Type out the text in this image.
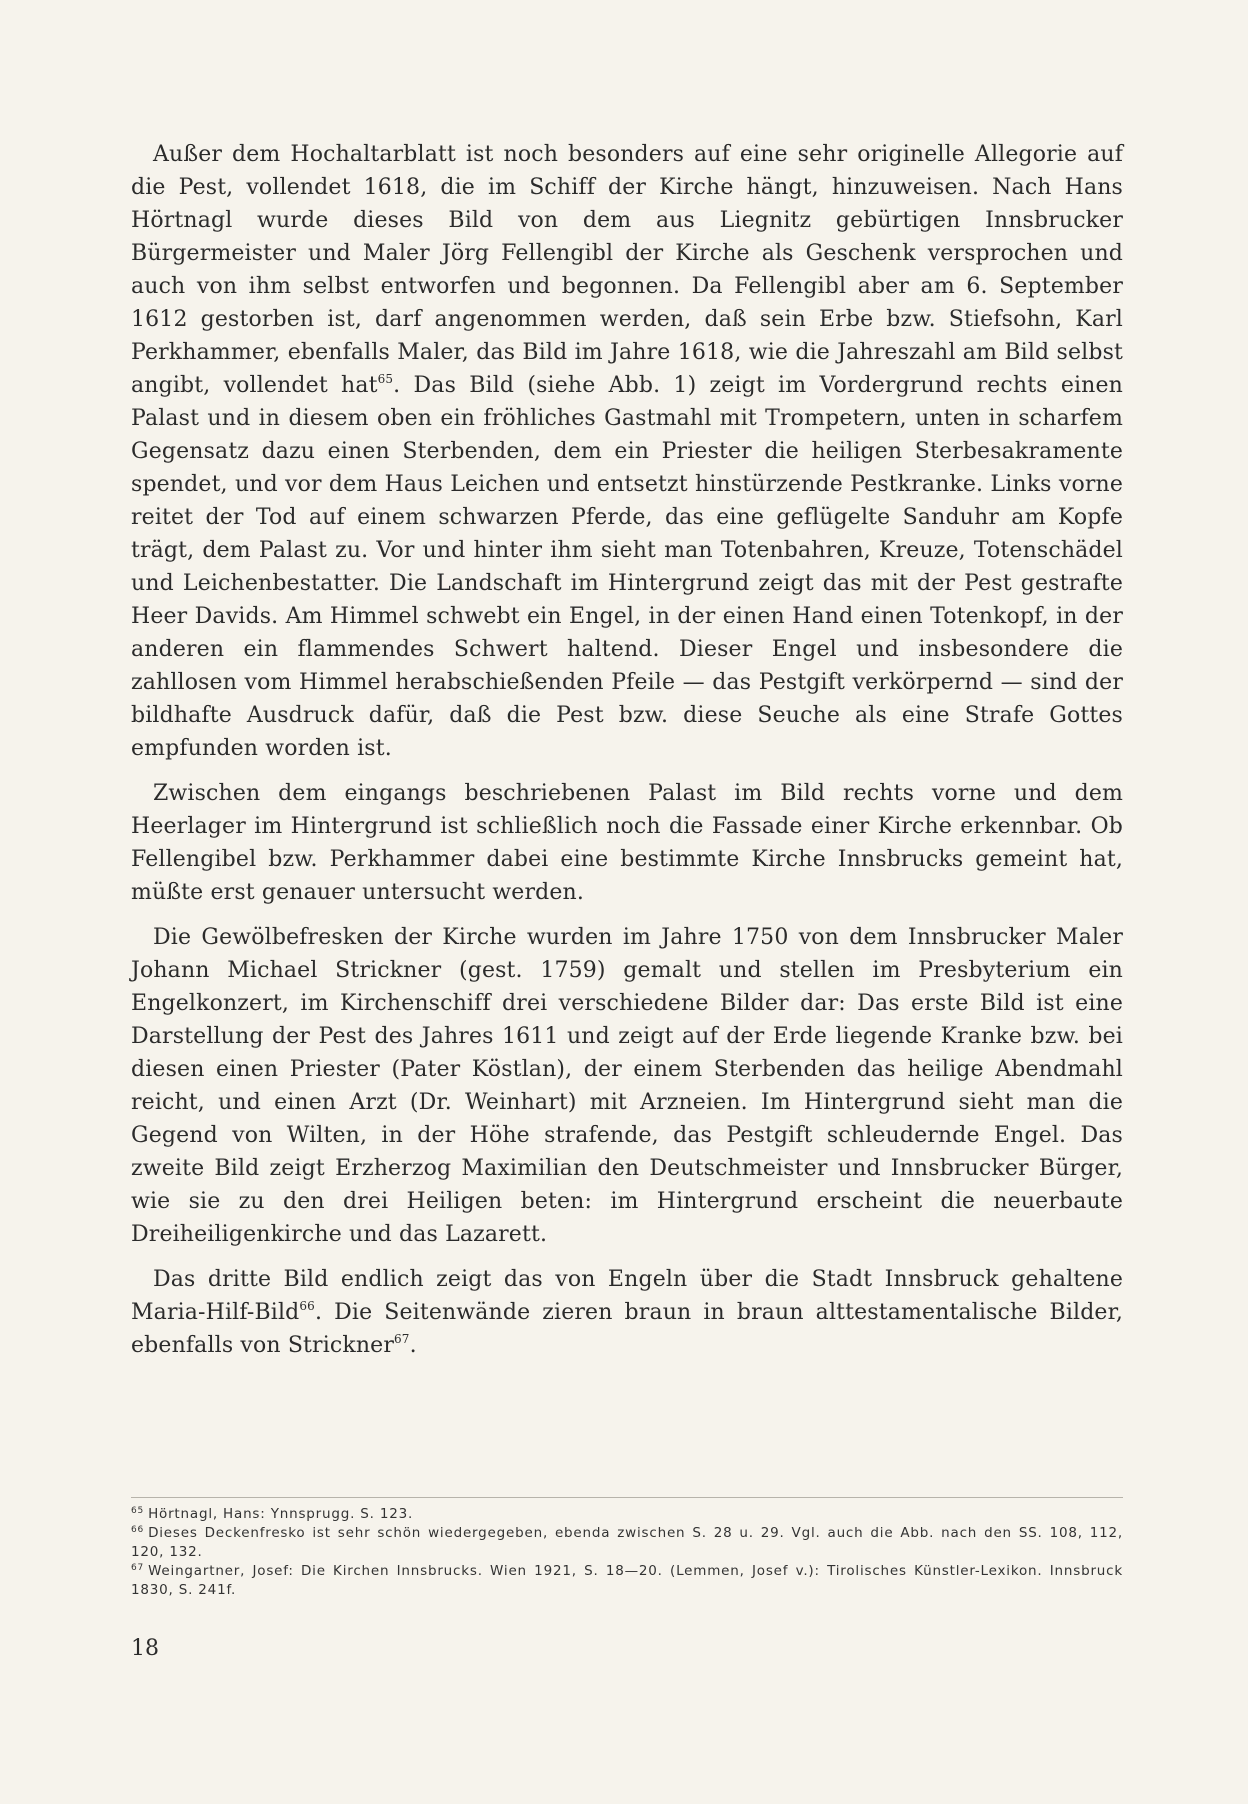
Außer dem Hochaltarblatt ist noch besonders auf eine sehr originelle Allegorie auf die Pest, vollendet 1618, die im Schiff der Kirche hängt, hinzuweisen. Nach Hans Hörtnagl wurde dieses Bild von dem aus Liegnitz gebürtigen Innsbrucker Bürgermeister und Maler Jörg Fellengibl der Kirche als Geschenk versprochen und auch von ihm selbst entworfen und begonnen. Da Fellengibl aber am 6. September 1612 gestorben ist, darf angenommen werden, daß sein Erbe bzw. Stiefsohn, Karl Perkhammer, ebenfalls Maler, das Bild im Jahre 1618, wie die Jahreszahl am Bild selbst angibt, vollendet hat$^{65}$. Das Bild (siehe Abb. 1) zeigt im Vordergrund rechts einen Palast und in diesem oben ein fröhliches Gastmahl mit Trompetern, unten in scharfem Gegensatz dazu einen Sterbenden, dem ein Priester die heiligen Sterbesakramente spendet, und vor dem Haus Leichen und entsetzt hinstürzende Pestkranke. Links vorne reitet der Tod auf einem schwarzen Pferde, das eine geflügelte Sanduhr am Kopfe trägt, dem Palast zu. Vor und hinter ihm sieht man Totenbahren, Kreuze, Totenschädel und Leichenbestatter. Die Landschaft im Hintergrund zeigt das mit der Pest gestrafte Heer Davids. Am Himmel schwebt ein Engel, in der einen Hand einen Totenkopf, in der anderen ein flammendes Schwert haltend. Dieser Engel und insbesondere die zahllosen vom Himmel herabschießenden Pfeile — das Pestgift verkörpernd — sind der bildhafte Ausdruck dafür, daß die Pest bzw. diese Seuche als eine Strafe Gottes empfunden worden ist.

Zwischen dem eingangs beschriebenen Palast im Bild rechts vorne und dem Heerlager im Hintergrund ist schließlich noch die Fassade einer Kirche erkennbar. Ob Fellengibel bzw. Perkhammer dabei eine bestimmte Kirche Innsbrucks gemeint hat, müßte erst genauer untersucht werden.

Die Gewölbefresken der Kirche wurden im Jahre 1750 von dem Innsbrucker Maler Johann Michael Strickner (gest. 1759) gemalt und stellen im Presbyterium ein Engelkonzert, im Kirchenschiff drei verschiedene Bilder dar: Das erste Bild ist eine Darstellung der Pest des Jahres 1611 und zeigt auf der Erde liegende Kranke bzw. bei diesen einen Priester (Pater Köstlan), der einem Sterbenden das heilige Abendmahl reicht, und einen Arzt (Dr. Weinhart) mit Arzneien. Im Hintergrund sieht man die Gegend von Wilten, in der Höhe strafende, das Pestgift schleudernde Engel. Das zweite Bild zeigt Erzherzog Maximilian den Deutschmeister und Innsbrucker Bürger, wie sie zu den drei Heiligen beten: im Hintergrund erscheint die neuerbaute Dreiheiligenkirche und das Lazarett.

Das dritte Bild endlich zeigt das von Engeln über die Stadt Innsbruck gehaltene Maria-Hilf-Bild$^{66}$. Die Seitenwände zieren braun in braun alttestamentalische Bilder, ebenfalls von Strickner$^{67}$.

$^{65}$ Hörtnagl, Hans: Ynnsprugg. S. 123.

$^{66}$ Dieses Deckenfresko ist sehr schön wiedergegeben, ebenda zwischen S. 28 u. 29. Vgl. auch die Abb. nach den SS. 108, 112, 120, 132.

$^{67}$ Weingartner, Josef: Die Kirchen Innsbrucks. Wien 1921, S. 18—20. (Lemmen, Josef v.): Tirolisches Künstler-Lexikon. Innsbruck 1830, S. 241f.

18
